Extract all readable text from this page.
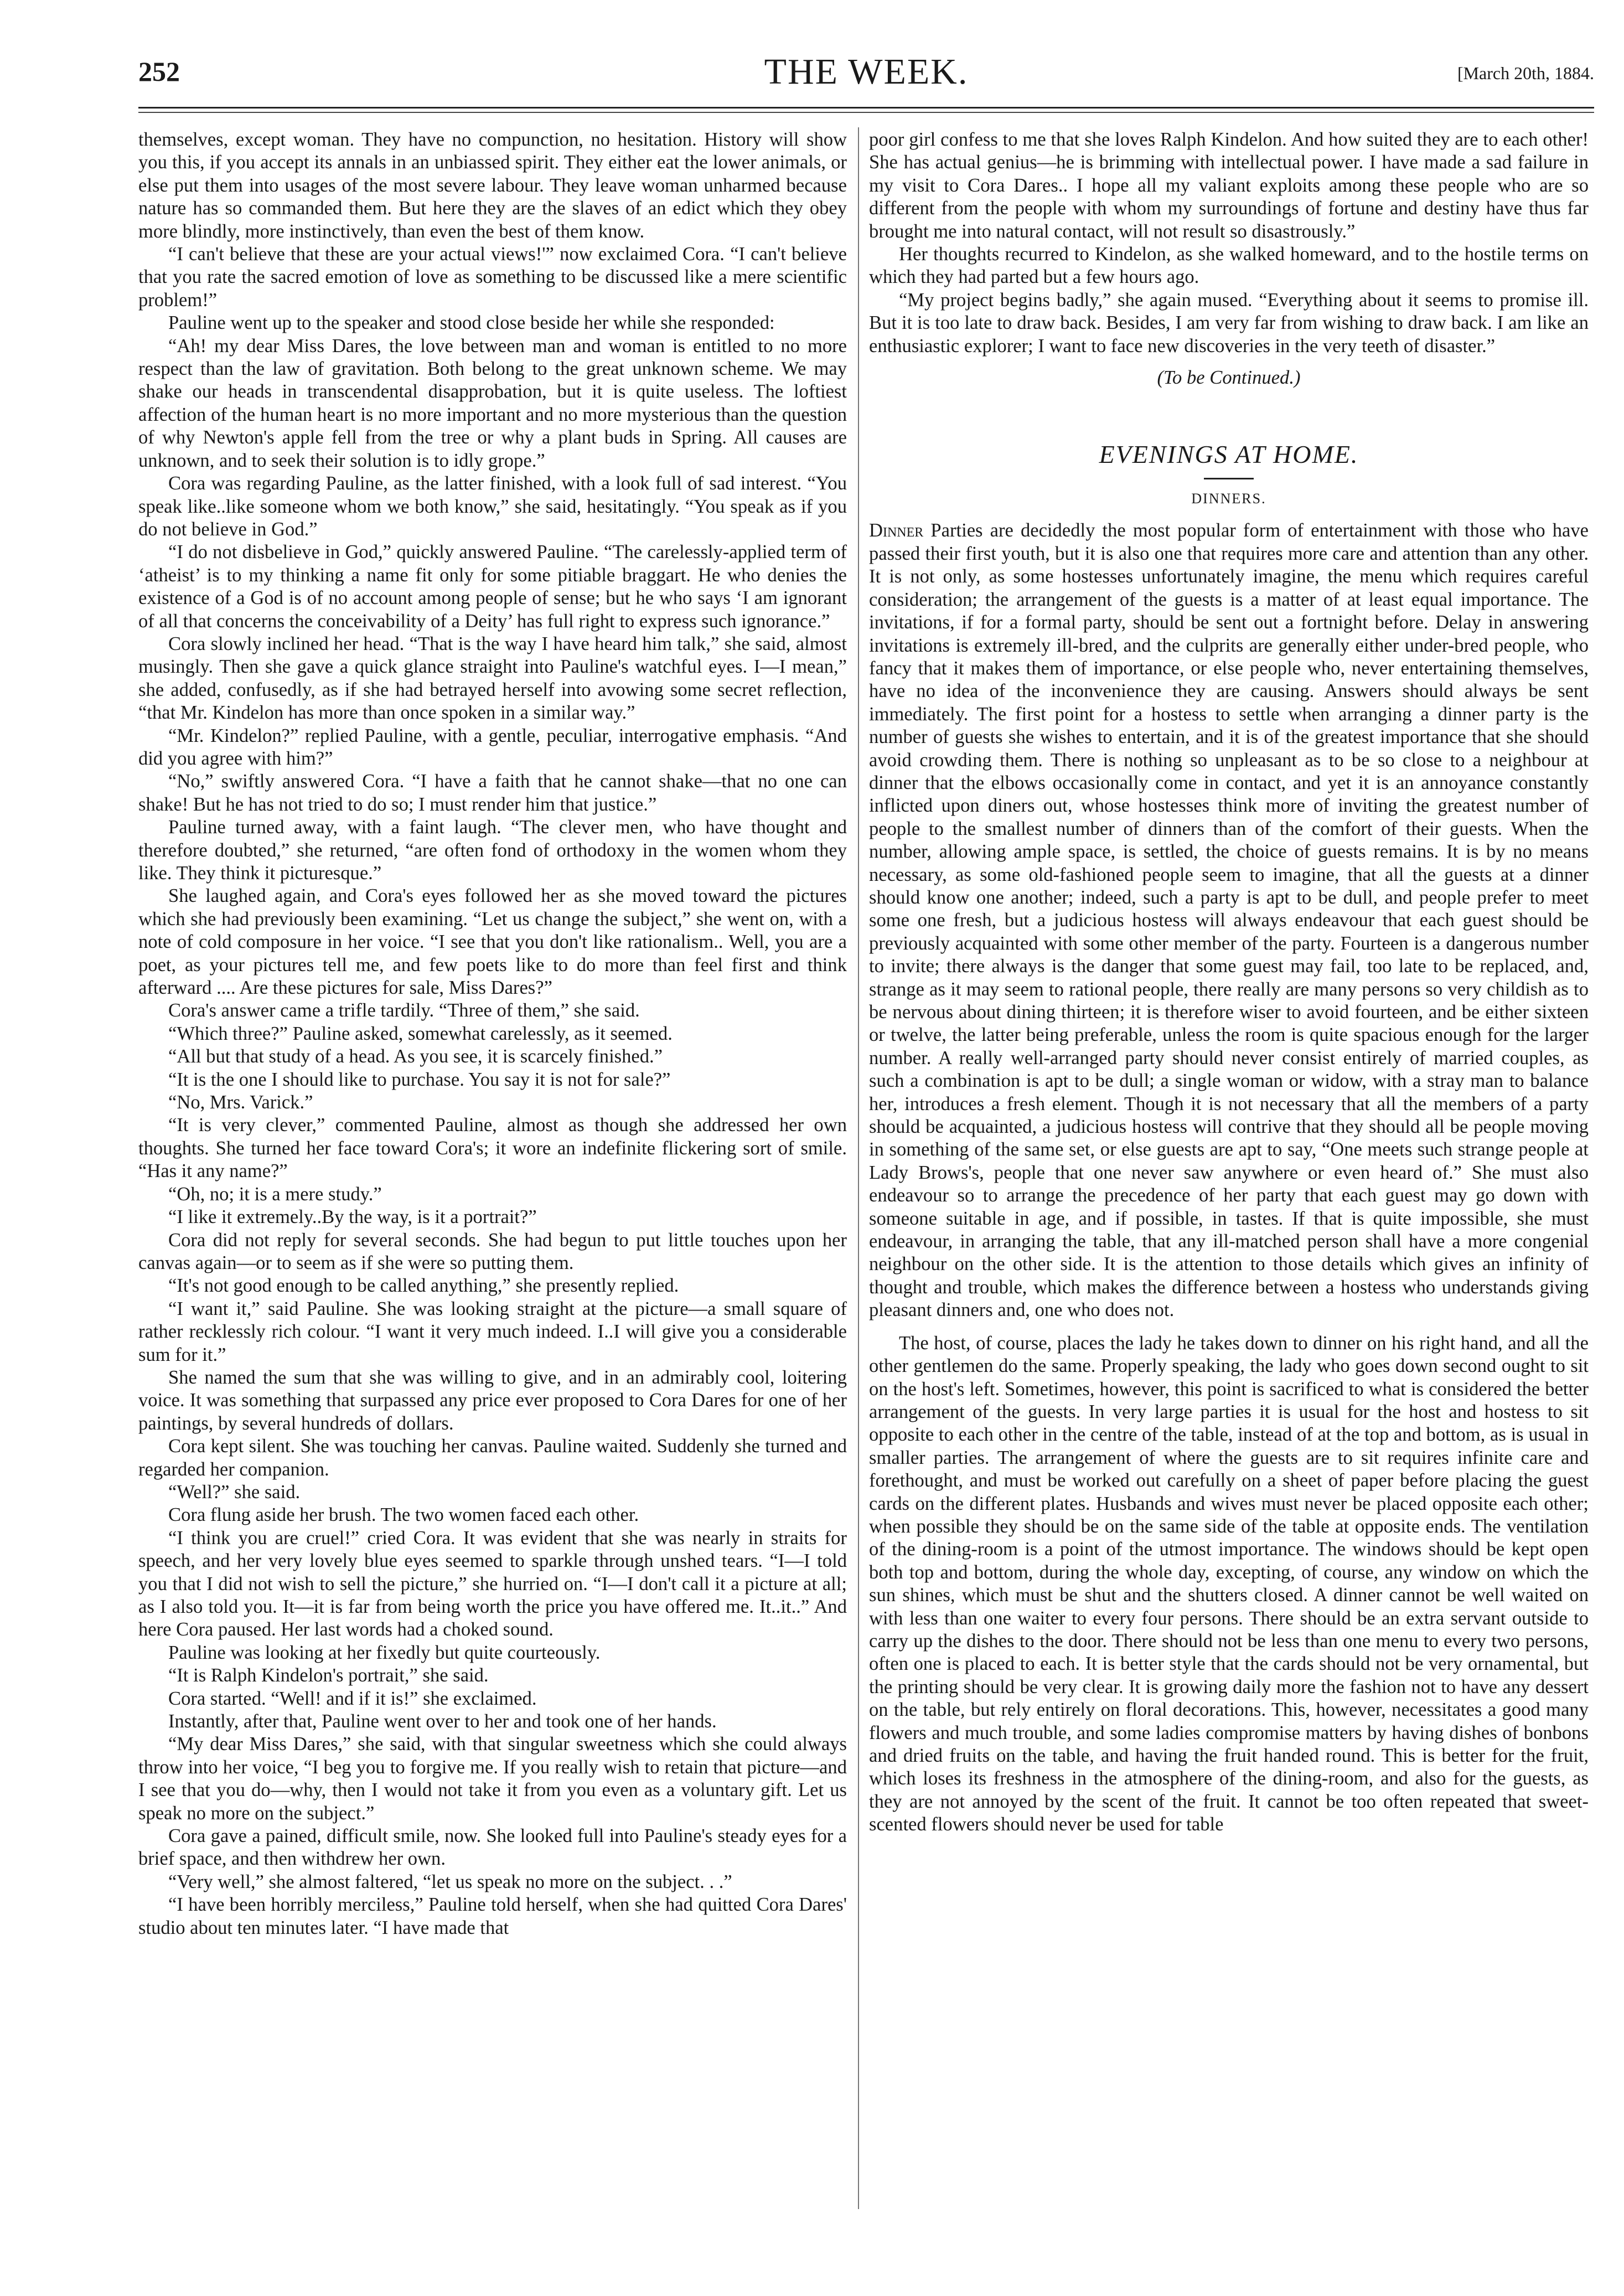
252	THE WEEK.	[March 20th, 1884.

themselves, except woman. They have no compunction, no hesitation. History will show you this, if you accept its annals in an unbiassed spirit. They either eat the lower animals, or else put them into usages of the most severe labour. They leave woman unharmed because nature has so commanded them. But here they are the slaves of an edict which they obey more blindly, more instinctively, than even the best of them know.

“I can't believe that these are your actual views!'” now exclaimed Cora. “I can't believe that you rate the sacred emotion of love as something to be discussed like a mere scientific problem!”

Pauline went up to the speaker and stood close beside her while she responded:

“Ah! my dear Miss Dares, the love between man and woman is entitled to no more respect than the law of gravitation. Both belong to the great unknown scheme. We may shake our heads in transcendental disapprobation, but it is quite useless. The loftiest affection of the human heart is no more important and no more mysterious than the question of why Newton's apple fell from the tree or why a plant buds in Spring. All causes are unknown, and to seek their solution is to idly grope.”

Cora was regarding Pauline, as the latter finished, with a look full of sad interest. “You speak like..like someone whom we both know,” she said, hesitatingly. “You speak as if you do not believe in God.”

“I do not disbelieve in God,” quickly answered Pauline. “The carelessly-applied term of ‘atheist’ is to my thinking a name fit only for some pitiable braggart. He who denies the existence of a God is of no account among people of sense; but he who says ‘I am ignorant of all that concerns the conceivability of a Deity’ has full right to express such ignorance.”

Cora slowly inclined her head. “That is the way I have heard him talk,” she said, almost musingly. Then she gave a quick glance straight into Pauline's watchful eyes. I—I mean,” she added, confusedly, as if she had betrayed herself into avowing some secret reflection, “that Mr. Kindelon has more than once spoken in a similar way.”

“Mr. Kindelon?” replied Pauline, with a gentle, peculiar, interrogative emphasis. “And did you agree with him?”

“No,” swiftly answered Cora. “I have a faith that he cannot shake—that no one can shake! But he has not tried to do so; I must render him that justice.”

Pauline turned away, with a faint laugh. “The clever men, who have thought and therefore doubted,” she returned, “are often fond of orthodoxy in the women whom they like. They think it picturesque.”

She laughed again, and Cora's eyes followed her as she moved toward the pictures which she had previously been examining. “Let us change the subject,” she went on, with a note of cold composure in her voice. “I see that you don't like rationalism.. Well, you are a poet, as your pictures tell me, and few poets like to do more than feel first and think afterward .... Are these pictures for sale, Miss Dares?”

Cora's answer came a trifle tardily. “Three of them,” she said.

“Which three?” Pauline asked, somewhat carelessly, as it seemed.

“All but that study of a head. As you see, it is scarcely finished.”

“It is the one I should like to purchase. You say it is not for sale?”

“No, Mrs. Varick.”

“It is very clever,” commented Pauline, almost as though she addressed her own thoughts. She turned her face toward Cora's; it wore an indefinite flickering sort of smile. “Has it any name?”

“Oh, no; it is a mere study.”

“I like it extremely..By the way, is it a portrait?”

Cora did not reply for several seconds. She had begun to put little touches upon her canvas again—or to seem as if she were so putting them.

“It's not good enough to be called anything,” she presently replied.

“I want it,” said Pauline. She was looking straight at the picture—a small square of rather recklessly rich colour. “I want it very much indeed. I..I will give you a considerable sum for it.”

She named the sum that she was willing to give, and in an admirably cool, loitering voice. It was something that surpassed any price ever proposed to Cora Dares for one of her paintings, by several hundreds of dollars.

Cora kept silent. She was touching her canvas. Pauline waited. Suddenly she turned and regarded her companion.

“Well?” she said.

Cora flung aside her brush. The two women faced each other.

“I think you are cruel!” cried Cora. It was evident that she was nearly in straits for speech, and her very lovely blue eyes seemed to sparkle through unshed tears. “I—I told you that I did not wish to sell the picture,” she hurried on. “I—I don't call it a picture at all; as I also told you. It—it is far from being worth the price you have offered me. It..it..” And here Cora paused. Her last words had a choked sound.

Pauline was looking at her fixedly but quite courteously.

“It is Ralph Kindelon's portrait,” she said.

Cora started. “Well! and if it is!” she exclaimed.

Instantly, after that, Pauline went over to her and took one of her hands.

“My dear Miss Dares,” she said, with that singular sweetness which she could always throw into her voice, “I beg you to forgive me. If you really wish to retain that picture—and I see that you do—why, then I would not take it from you even as a voluntary gift. Let us speak no more on the subject.”

Cora gave a pained, difficult smile, now. She looked full into Pauline's steady eyes for a brief space, and then withdrew her own.

“Very well,” she almost faltered, “let us speak no more on the subject. . .”

“I have been horribly merciless,” Pauline told herself, when she had quitted Cora Dares' studio about ten minutes later. “I have made that

poor girl confess to me that she loves Ralph Kindelon. And how suited they are to each other! She has actual genius—he is brimming with intellectual power. I have made a sad failure in my visit to Cora Dares.. I hope all my valiant exploits among these people who are so different from the people with whom my surroundings of fortune and destiny have thus far brought me into natural contact, will not result so disastrously.”

Her thoughts recurred to Kindelon, as she walked homeward, and to the hostile terms on which they had parted but a few hours ago.

“My project begins badly,” she again mused. “Everything about it seems to promise ill. But it is too late to draw back. Besides, I am very far from wishing to draw back. I am like an enthusiastic explorer; I want to face new discoveries in the very teeth of disaster.”

(To be Continued.)

EVENINGS AT HOME.
DINNERS.

Dinner Parties are decidedly the most popular form of entertainment with those who have passed their first youth, but it is also one that requires more care and attention than any other. It is not only, as some hostesses unfortunately imagine, the menu which requires careful consideration; the arrangement of the guests is a matter of at least equal importance. The invitations, if for a formal party, should be sent out a fortnight before. Delay in answering invitations is extremely ill-bred, and the culprits are generally either under-bred people, who fancy that it makes them of importance, or else people who, never entertaining themselves, have no idea of the inconvenience they are causing. Answers should always be sent immediately. The first point for a hostess to settle when arranging a dinner party is the number of guests she wishes to entertain, and it is of the greatest importance that she should avoid crowding them. There is nothing so unpleasant as to be so close to a neighbour at dinner that the elbows occasionally come in contact, and yet it is an annoyance constantly inflicted upon diners out, whose hostesses think more of inviting the greatest number of people to the smallest number of dinners than of the comfort of their guests. When the number, allowing ample space, is settled, the choice of guests remains. It is by no means necessary, as some old-fashioned people seem to imagine, that all the guests at a dinner should know one another; indeed, such a party is apt to be dull, and people prefer to meet some one fresh, but a judicious hostess will always endeavour that each guest should be previously acquainted with some other member of the party. Fourteen is a dangerous number to invite; there always is the danger that some guest may fail, too late to be replaced, and, strange as it may seem to rational people, there really are many persons so very childish as to be nervous about dining thirteen; it is therefore wiser to avoid fourteen, and be either sixteen or twelve, the latter being preferable, unless the room is quite spacious enough for the larger number. A really well-arranged party should never consist entirely of married couples, as such a combination is apt to be dull; a single woman or widow, with a stray man to balance her, introduces a fresh element. Though it is not necessary that all the members of a party should be acquainted, a judicious hostess will contrive that they should all be people moving in something of the same set, or else guests are apt to say, “One meets such strange people at Lady Brows's, people that one never saw anywhere or even heard of.” She must also endeavour so to arrange the precedence of her party that each guest may go down with someone suitable in age, and if possible, in tastes. If that is quite impossible, she must endeavour, in arranging the table, that any ill-matched person shall have a more congenial neighbour on the other side. It is the attention to those details which gives an infinity of thought and trouble, which makes the difference between a hostess who understands giving pleasant dinners and, one who does not.

The host, of course, places the lady he takes down to dinner on his right hand, and all the other gentlemen do the same. Properly speaking, the lady who goes down second ought to sit on the host's left. Sometimes, however, this point is sacrificed to what is considered the better arrangement of the guests. In very large parties it is usual for the host and hostess to sit opposite to each other in the centre of the table, instead of at the top and bottom, as is usual in smaller parties. The arrangement of where the guests are to sit requires infinite care and forethought, and must be worked out carefully on a sheet of paper before placing the guest cards on the different plates. Husbands and wives must never be placed opposite each other; when possible they should be on the same side of the table at opposite ends. The ventilation of the dining-room is a point of the utmost importance. The windows should be kept open both top and bottom, during the whole day, excepting, of course, any window on which the sun shines, which must be shut and the shutters closed. A dinner cannot be well waited on with less than one waiter to every four persons. There should be an extra servant outside to carry up the dishes to the door. There should not be less than one menu to every two persons, often one is placed to each. It is better style that the cards should not be very ornamental, but the printing should be very clear. It is growing daily more the fashion not to have any dessert on the table, but rely entirely on floral decorations. This, however, necessitates a good many flowers and much trouble, and some ladies compromise matters by having dishes of bonbons and dried fruits on the table, and having the fruit handed round. This is better for the fruit, which loses its freshness in the atmosphere of the dining-room, and also for the guests, as they are not annoyed by the scent of the fruit. It cannot be too often repeated that sweet-scented flowers should never be used for table
